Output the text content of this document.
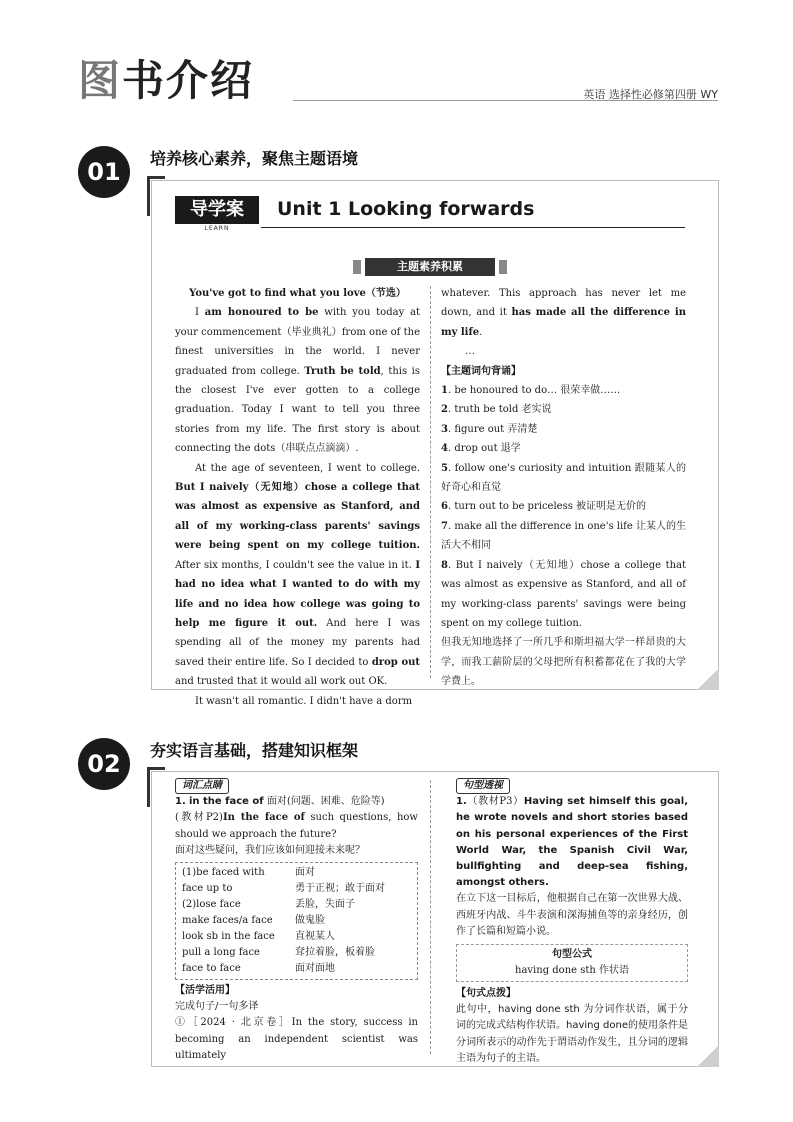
图书介绍	英语 选择性必修第四册 WY
01	培养核心素养，聚焦主题语境
导学案
LEARN
Unit 1 Looking forwards
主题素养积累

You've got to find what you love（节选）

I am honoured to be with you today at your commencement（毕业典礼）from one of the finest universities in the world. I never graduated from college. Truth be told, this is the closest I've ever gotten to a college graduation. Today I want to tell you three stories from my life. The first story is about connecting the dots（串联点点滴滴）.

At the age of seventeen, I went to college. But I naively（无知地）chose a college that was almost as expensive as Stanford, and all of my working-class parents' savings were being spent on my college tuition. After six months, I couldn't see the value in it. I had no idea what I wanted to do with my life and no idea how college was going to help me figure it out. And here I was spending all of the money my parents had saved their entire life. So I decided to drop out and trusted that it would all work out OK.

It wasn't all romantic. I didn't have a dorm

whatever. This approach has never let me down, and it has made all the difference in my life.
…
【主题词句背诵】
1. be honoured to do… 很荣幸做……
2. truth be told 老实说
3. figure out 弄清楚
4. drop out 退学
5. follow one's curiosity and intuition 跟随某人的好奇心和直觉
6. turn out to be priceless 被证明是无价的
7. make all the difference in one's life 让某人的生活大不相同
8. But I naively（无知地）chose a college that was almost as expensive as Stanford, and all of my working-class parents' savings were being spent on my college tuition.
但我无知地选择了一所几乎和斯坦福大学一样昂贵的大学，而我工薪阶层的父母把所有积蓄都花在了我的大学学费上。
02	夯实语言基础，搭建知识框架
词汇点睛
1. in the face of 面对(问题、困难、危险等)
(教材P2)In the face of such questions, how should we approach the future?
面对这些疑问，我们应该如何迎接未来呢？
(1)be faced with	面对
face up to	勇于正视；敢于面对
(2)lose face	丢脸，失面子
make faces/a face	做鬼脸
look sb in the face	直视某人
pull a long face	耷拉着脸，板着脸
face to face	面对面地
【活学活用】
完成句子/一句多译
①［2024 · 北京卷］In the story, success in becoming an independent scientist was ultimately
句型透视
1.（教材P3）Having set himself this goal, he wrote novels and short stories based on his personal experiences of the First World War, the Spanish Civil War, bullfighting and deep-sea fishing, amongst others.
在立下这一目标后，他根据自己在第一次世界大战、西班牙内战、斗牛表演和深海捕鱼等的亲身经历，创作了长篇和短篇小说。
句型公式
having done sth 作状语
【句式点拨】
此句中，having done sth 为分词作状语，属于分词的完成式结构作状语。having done的使用条件是分词所表示的动作先于谓语动作发生，且分词的逻辑主语为句子的主语。
